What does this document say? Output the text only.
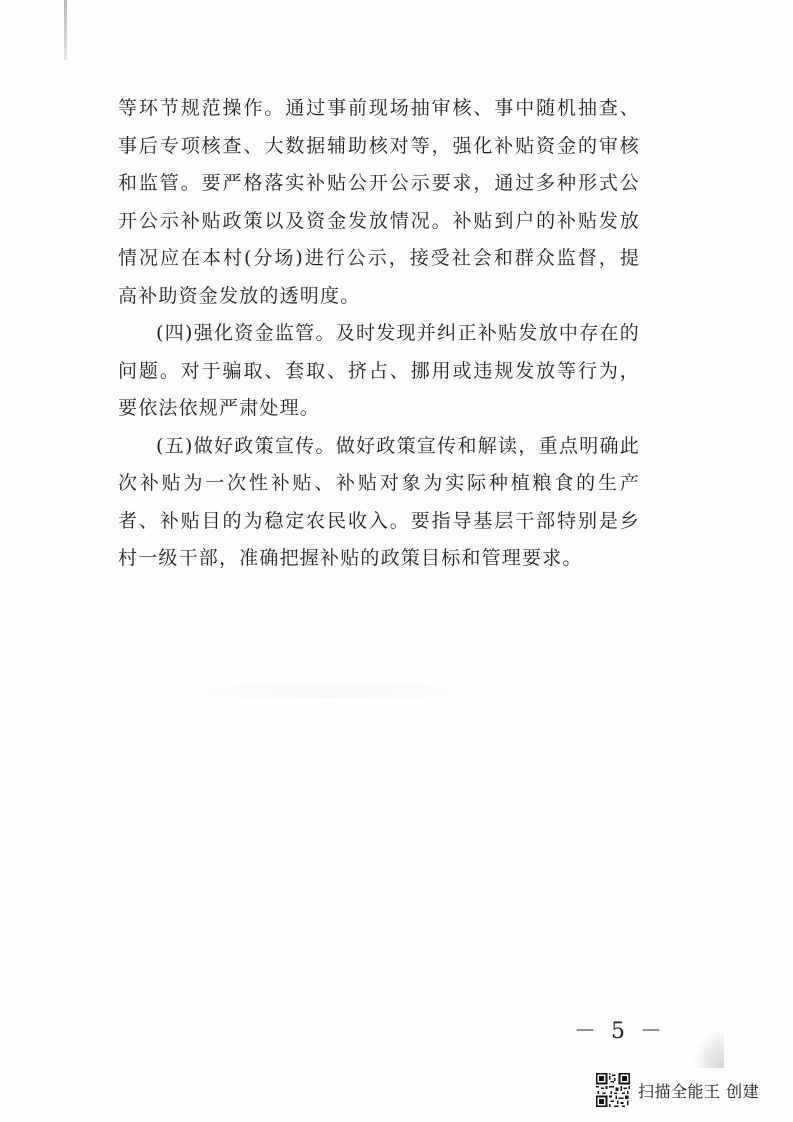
等环节规范操作。通过事前现场抽审核、事中随机抽查、事后专项核查、大数据辅助核对等，强化补贴资金的审核和监管。要严格落实补贴公开公示要求，通过多种形式公开公示补贴政策以及资金发放情况。补贴到户的补贴发放情况应在本村(分场)进行公示，接受社会和群众监督，提高补助资金发放的透明度。

(四)强化资金监管。及时发现并纠正补贴发放中存在的问题。对于骗取、套取、挤占、挪用或违规发放等行为，要依法依规严肃处理。

(五)做好政策宣传。做好政策宣传和解读，重点明确此次补贴为一次性补贴、补贴对象为实际种植粮食的生产者、补贴目的为稳定农民收入。要指导基层干部特别是乡村一级干部，准确把握补贴的政策目标和管理要求。

－ 5 －
扫描全能王 创建
